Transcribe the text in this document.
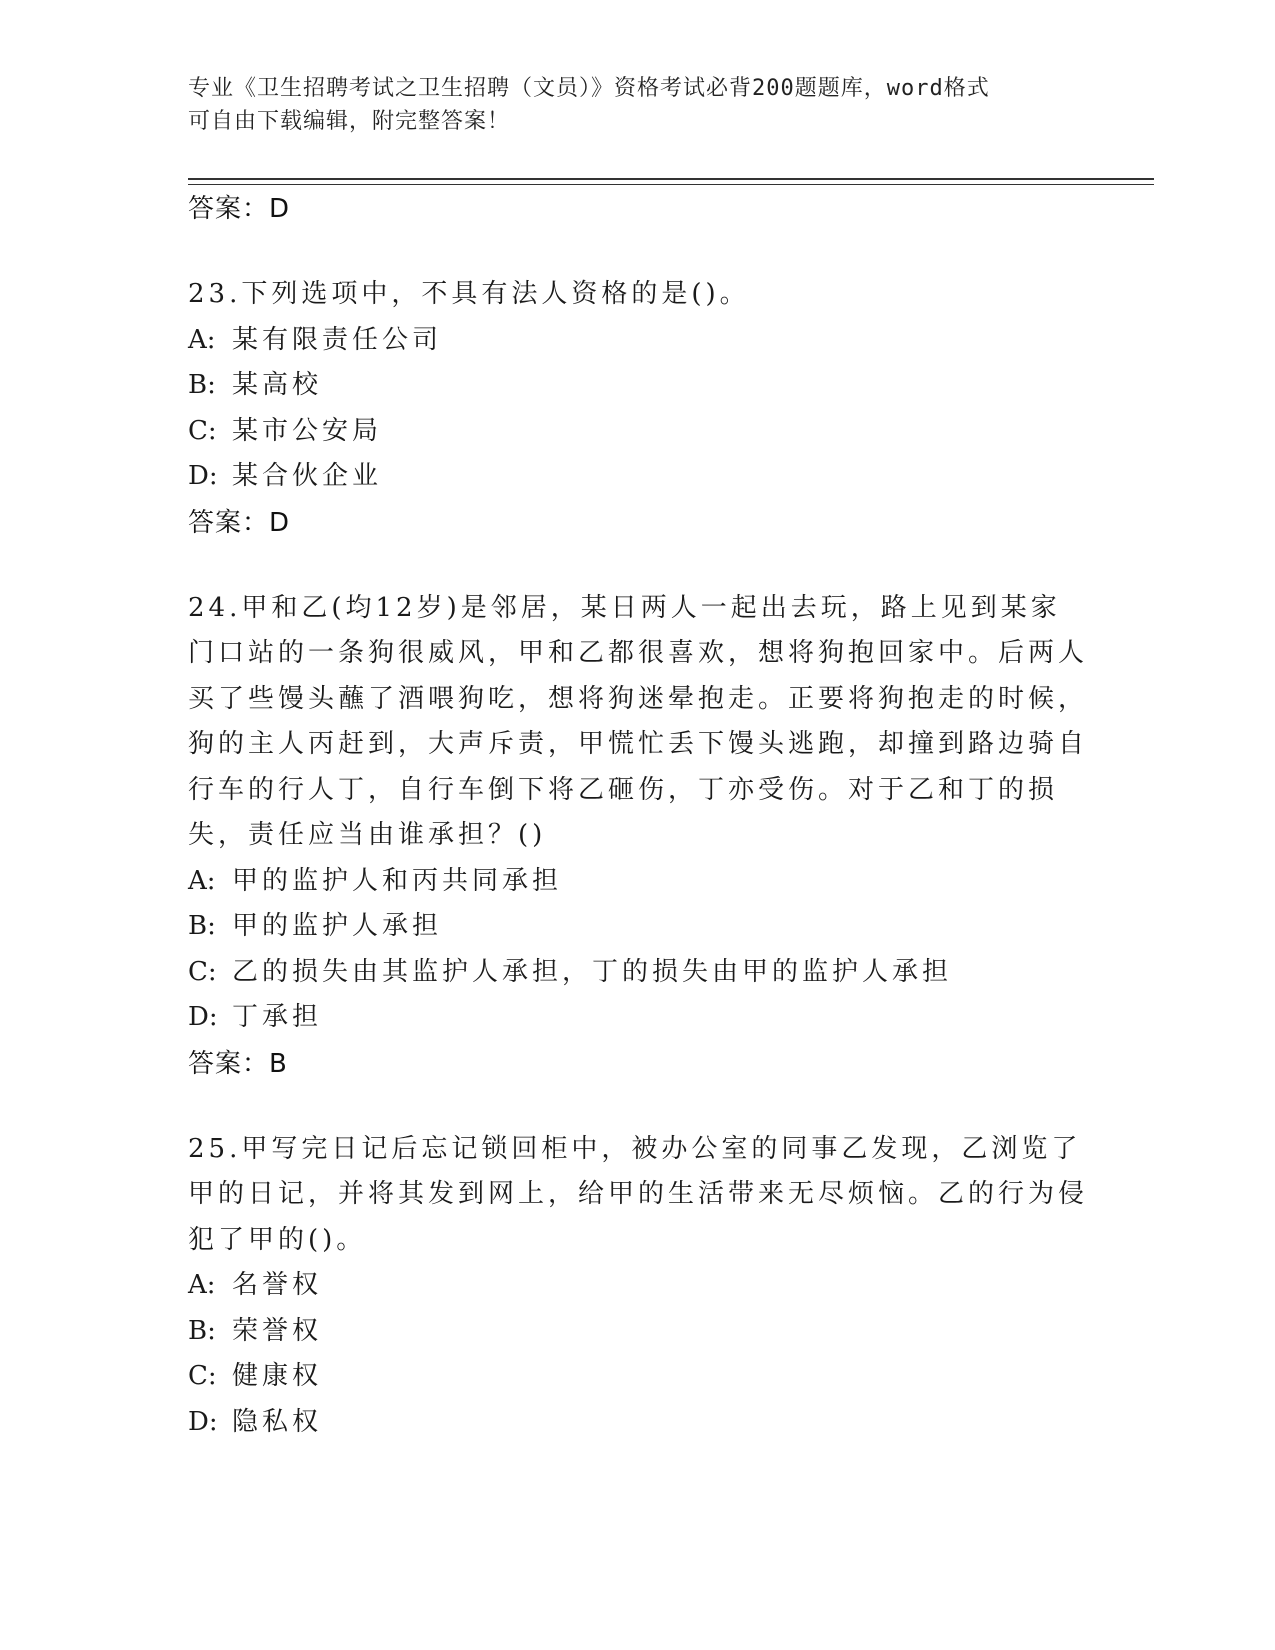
专业《卫生招聘考试之卫生招聘（文员）》资格考试必背200题题库，word格式
可自由下载编辑，附完整答案！
答案：D
23.下列选项中，不具有法人资格的是()。
A: 某有限责任公司
B: 某高校
C: 某市公安局
D: 某合伙企业
答案：D
24.甲和乙(均12岁)是邻居，某日两人一起出去玩，路上见到某家门口站的一条狗很威风，甲和乙都很喜欢，想将狗抱回家中。后两人买了些馒头蘸了酒喂狗吃，想将狗迷晕抱走。正要将狗抱走的时候，狗的主人丙赶到，大声斥责，甲慌忙丢下馒头逃跑，却撞到路边骑自行车的行人丁，自行车倒下将乙砸伤，丁亦受伤。对于乙和丁的损失，责任应当由谁承担？()
A: 甲的监护人和丙共同承担
B: 甲的监护人承担
C: 乙的损失由其监护人承担，丁的损失由甲的监护人承担
D: 丁承担
答案：B
25.甲写完日记后忘记锁回柜中，被办公室的同事乙发现，乙浏览了甲的日记，并将其发到网上，给甲的生活带来无尽烦恼。乙的行为侵犯了甲的()。
A: 名誉权
B: 荣誉权
C: 健康权
D: 隐私权
